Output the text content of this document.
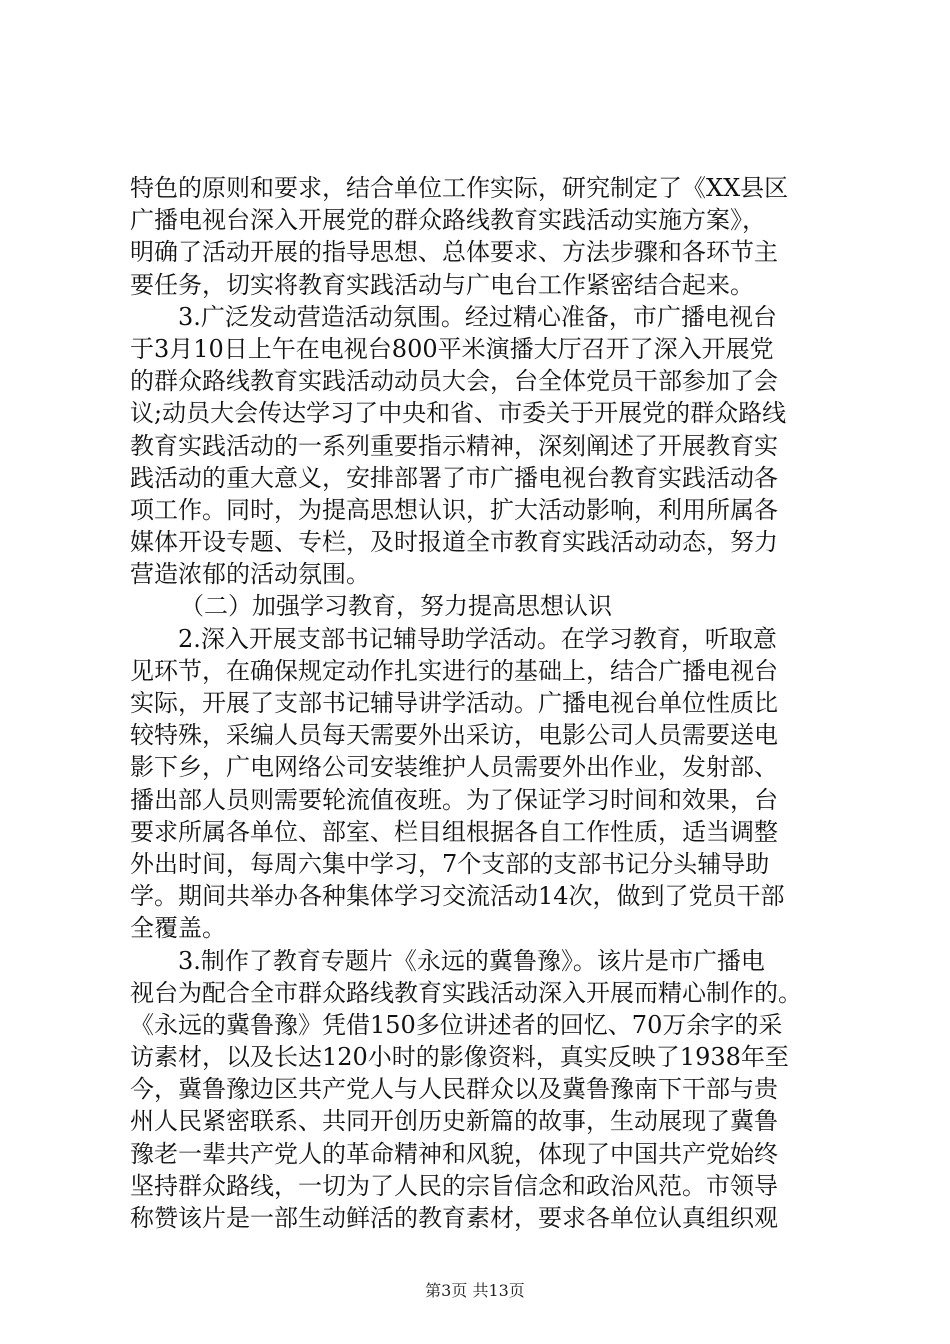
特色的原则和要求，结合单位工作实际，研究制定了《XX县区
广播电视台深入开展党的群众路线教育实践活动实施方案》，
明确了活动开展的指导思想、总体要求、方法步骤和各环节主
要任务，切实将教育实践活动与广电台工作紧密结合起来。
3.广泛发动营造活动氛围。经过精心准备，市广播电视台
于3月10日上午在电视台800平米演播大厅召开了深入开展党
的群众路线教育实践活动动员大会，台全体党员干部参加了会
议;动员大会传达学习了中央和省、市委关于开展党的群众路线
教育实践活动的一系列重要指示精神，深刻阐述了开展教育实
践活动的重大意义，安排部署了市广播电视台教育实践活动各
项工作。同时，为提高思想认识，扩大活动影响，利用所属各
媒体开设专题、专栏，及时报道全市教育实践活动动态，努力
营造浓郁的活动氛围。
（二）加强学习教育，努力提高思想认识
2.深入开展支部书记辅导助学活动。在学习教育，听取意
见环节，在确保规定动作扎实进行的基础上，结合广播电视台
实际，开展了支部书记辅导讲学活动。广播电视台单位性质比
较特殊，采编人员每天需要外出采访，电影公司人员需要送电
影下乡，广电网络公司安装维护人员需要外出作业，发射部、
播出部人员则需要轮流值夜班。为了保证学习时间和效果，台
要求所属各单位、部室、栏目组根据各自工作性质，适当调整
外出时间，每周六集中学习，7个支部的支部书记分头辅导助
学。期间共举办各种集体学习交流活动14次，做到了党员干部
全覆盖。
3.制作了教育专题片《永远的冀鲁豫》。该片是市广播电
视台为配合全市群众路线教育实践活动深入开展而精心制作的。
《永远的冀鲁豫》凭借150多位讲述者的回忆、70万余字的采
访素材，以及长达120小时的影像资料，真实反映了1938年至
今，冀鲁豫边区共产党人与人民群众以及冀鲁豫南下干部与贵
州人民紧密联系、共同开创历史新篇的故事，生动展现了冀鲁
豫老一辈共产党人的革命精神和风貌，体现了中国共产党始终
坚持群众路线，一切为了人民的宗旨信念和政治风范。市领导
称赞该片是一部生动鲜活的教育素材，要求各单位认真组织观
第3页 共13页
